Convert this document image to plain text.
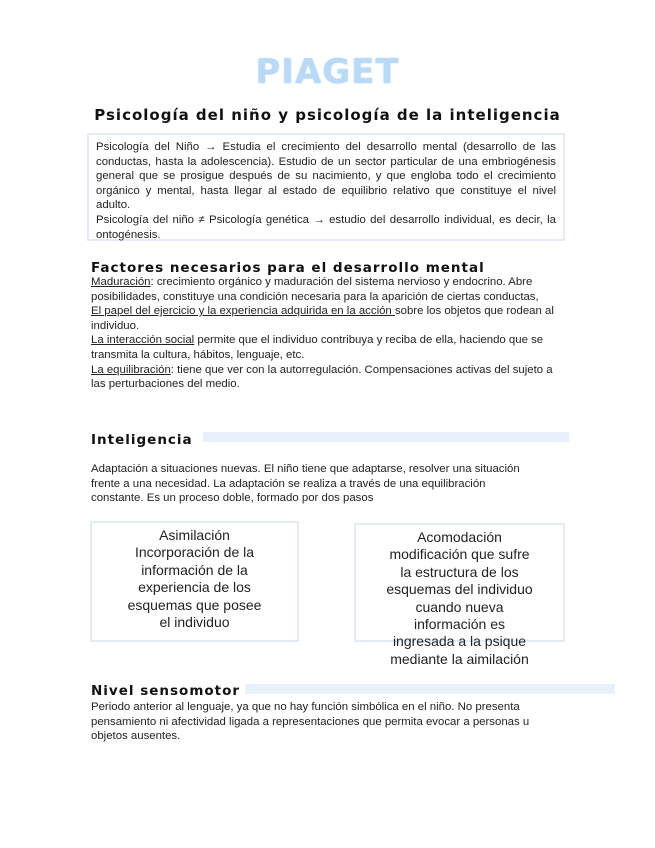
PIAGET
Psicología del niño y psicología de la inteligencia

Psicología del Niño → Estudia el crecimiento del desarrollo mental (desarrollo de las conductas, hasta la adolescencia). Estudio de un sector particular de una embriogénesis general que se prosigue después de su nacimiento, y que engloba todo el crecimiento orgánico y mental, hasta llegar al estado de equilibrio relativo que constituye el nivel adulto.

Psicología del niño ≠ Psicología genética → estudio del desarrollo individual, es decir, la ontogénesis.

Factores necesarios para el desarrollo mental

Maduración: crecimiento orgánico y maduración del sistema nervioso y endocrino. Abre posibilidades, constituye una condición necesaria para la aparición de ciertas conductas,

El papel del ejercicio y la experiencia adquirida en la acción sobre los objetos que rodean al individuo.

La interacción social permite que el individuo contribuya y reciba de ella, haciendo que se transmita la cultura, hábitos, lenguaje, etc.

La equilibración: tiene que ver con la autorregulación. Compensaciones activas del sujeto a las perturbaciones del medio.

Inteligencia
Adaptación a situaciones nuevas. El niño tiene que adaptarse, resolver una situación frente a una necesidad. La adaptación se realiza a través de una equilibración constante. Es un proceso doble, formado por dos pasos
Asimilación
Incorporación de la información de la experiencia de los esquemas que posee el individuo
Acomodación
modificación que sufre la estructura de los esquemas del individuo cuando nueva información es ingresada a la psique mediante la aimilación
Nivel sensomotor
Periodo anterior al lenguaje, ya que no hay función simbólica en el niño. No presenta pensamiento ni afectividad ligada a representaciones que permita evocar a personas u objetos ausentes.
